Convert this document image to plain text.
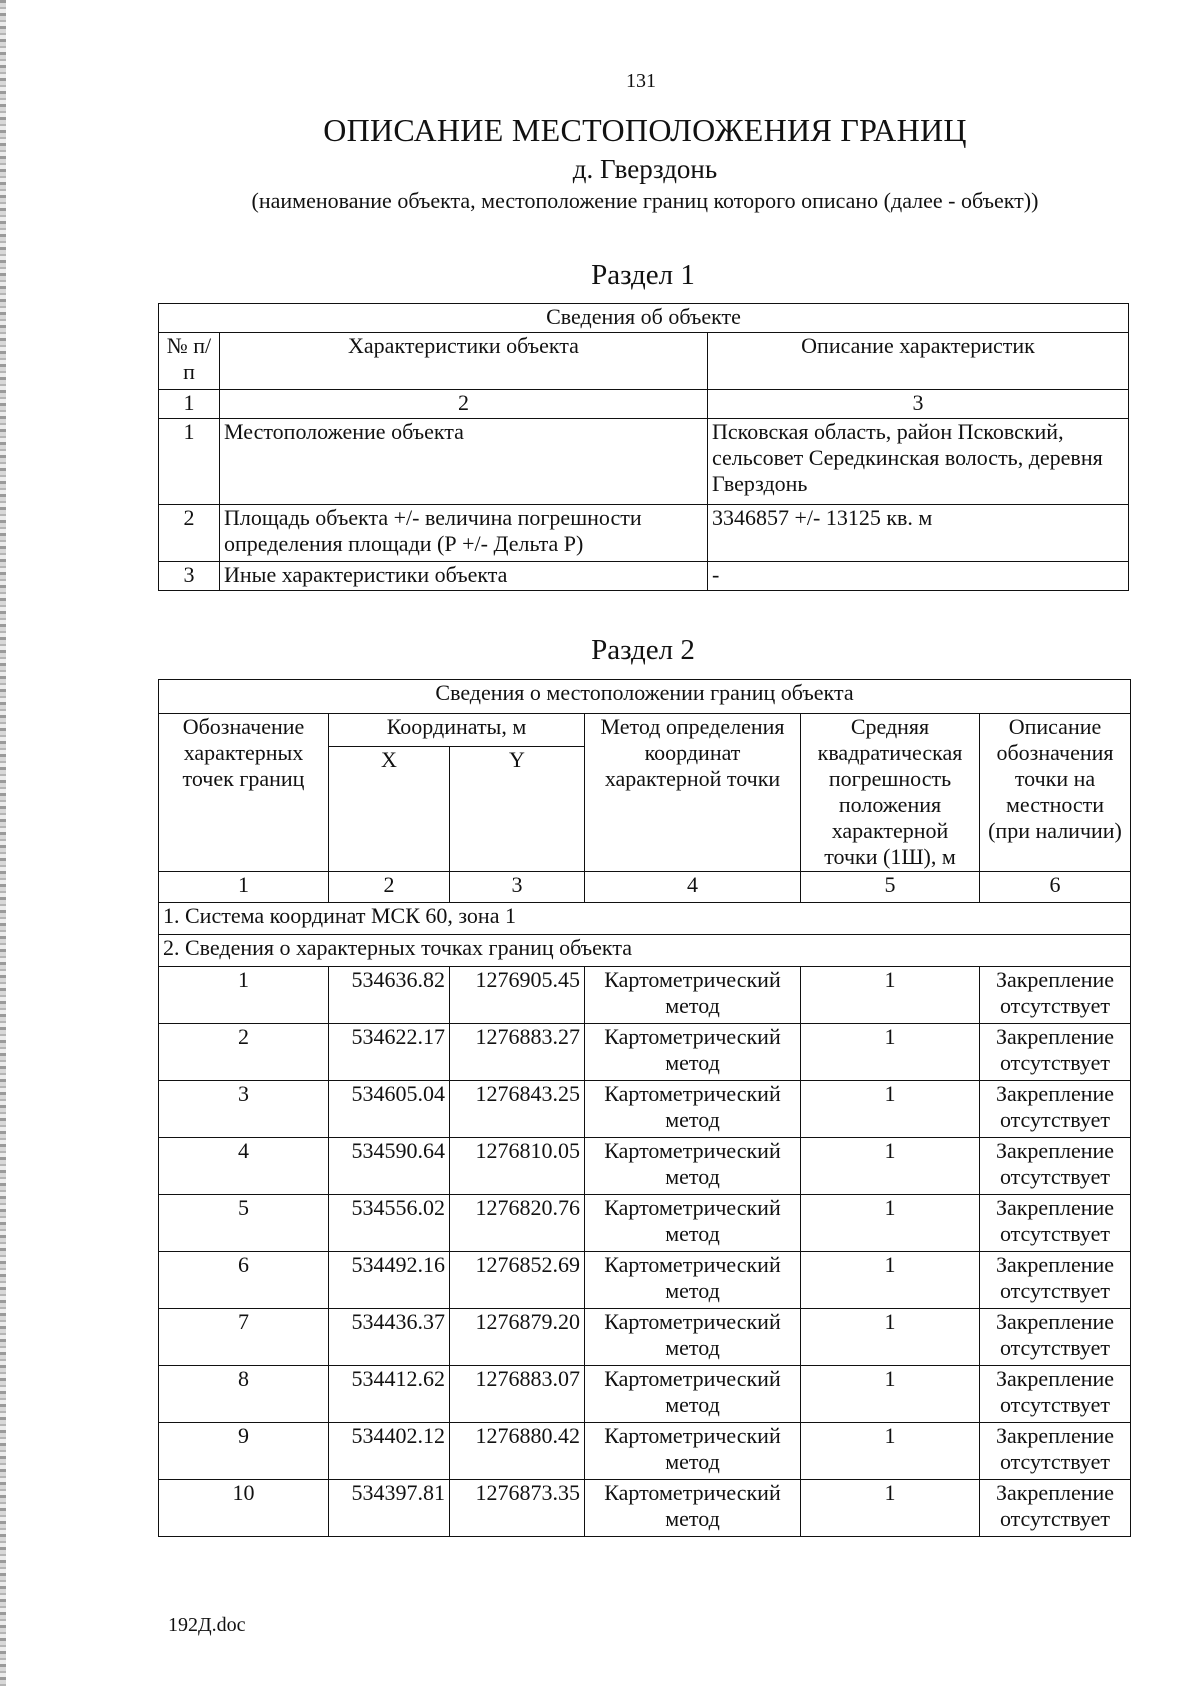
131
ОПИСАНИЕ МЕСТОПОЛОЖЕНИЯ ГРАНИЦ
д. Гверздонь
(наименование объекта, местоположение границ которого описано (далее - объект))
Раздел 1
Сведения об объекте		
№ п/п	Характеристики объекта	Описание характеристик
1	2	3
1	Местоположение объекта	Псковская область, район Псковский, сельсовет Середкинская волость, деревня Гверздонь
2	Площадь объекта +/- величина погрешности определения площади (Р +/- Дельта Р)	3346857 +/- 13125 кв. м
3	Иные характеристики объекта	-
Раздел 2
Сведения о местоположении границ объекта					
Обозначение характерных точек границ	Координаты, м		Метод определения координат характерной точки	Средняя квадратическая погрешность положения характерной точки (1Ш), м	Описание обозначения точки на местности (при наличии)
	X	Y			
1	2	3	4	5	6
1. Система координат МСК 60, зона 1					
2. Сведения о характерных точках границ объекта					
1	534636.82	1276905.45	Картометрический метод	1	Закрепление отсутствует
2	534622.17	1276883.27	Картометрический метод	1	Закрепление отсутствует
3	534605.04	1276843.25	Картометрический метод	1	Закрепление отсутствует
4	534590.64	1276810.05	Картометрический метод	1	Закрепление отсутствует
5	534556.02	1276820.76	Картометрический метод	1	Закрепление отсутствует
6	534492.16	1276852.69	Картометрический метод	1	Закрепление отсутствует
7	534436.37	1276879.20	Картометрический метод	1	Закрепление отсутствует
8	534412.62	1276883.07	Картометрический метод	1	Закрепление отсутствует
9	534402.12	1276880.42	Картометрический метод	1	Закрепление отсутствует
10	534397.81	1276873.35	Картометрический метод	1	Закрепление отсутствует
192Д.doc
